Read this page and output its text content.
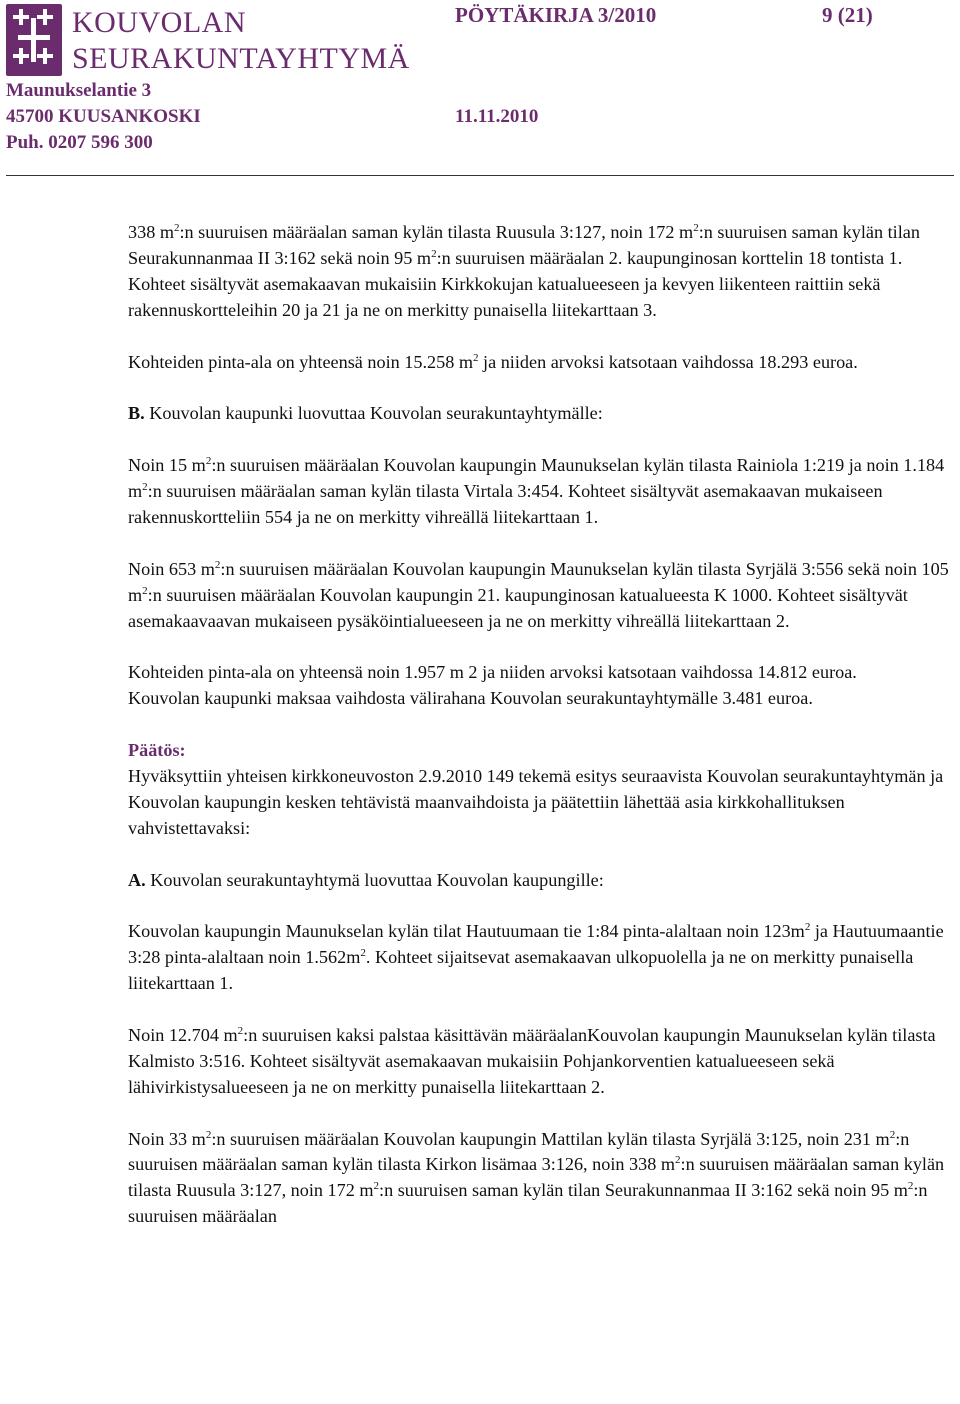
KOUVOLAN
SEURAKUNTAYHTYMÄ
PÖYTÄKIRJA 3/2010	9 (21)
Maunukselantie 3
45700 KUUSANKOSKI
Puh. 0207 596 300
11.11.2010

338 $m^2:n$ suuruisen määräalan saman kylän tilasta Ruusula 3:127, noin 172 $m^2:n$ suuruisen saman kylän tilan Seurakunnanmaa II 3:162 sekä noin 95 $m^2:n$ suuruisen määräalan 2. kaupunginosan korttelin 18 tontista 1. Kohteet sisältyvät asemakaavan mukaisiin Kirkkokujan katualueeseen ja kevyen liikenteen raittiin sekä rakennuskortteleihin 20 ja 21 ja ne on merkitty punaisella liitekarttaan 3.

Kohteiden pinta-ala on yhteensä noin 15.258 $m^2$ ja niiden arvoksi katsotaan vaihdossa 18.293 euroa.

B. Kouvolan kaupunki luovuttaa Kouvolan seurakuntayhtymälle:

Noin 15 $m^2:n$ suuruisen määräalan Kouvolan kaupungin Maunukselan kylän tilasta Rainiola 1:219 ja noin 1.184 $m^2:n$ suuruisen määräalan saman kylän tilasta Virtala 3:454. Kohteet sisältyvät asemakaavan mukaiseen rakennuskortteliin 554 ja ne on merkitty vihreällä liitekarttaan 1.

Noin 653 $m^2:n$ suuruisen määräalan Kouvolan kaupungin Maunukselan kylän tilasta Syrjälä 3:556 sekä noin 105 $m^2:n$ suuruisen määräalan Kouvolan kaupungin 21. kaupunginosan katualueesta K 1000. Kohteet sisältyvät asemakaavaavan mukaiseen pysäköintialueeseen ja ne on merkitty vihreällä liitekarttaan 2.

Kohteiden pinta-ala on yhteensä noin 1.957 m 2 ja niiden arvoksi katsotaan vaihdossa 14.812 euroa.

Kouvolan kaupunki maksaa vaihdosta välirahana Kouvolan seurakuntayhtymälle 3.481 euroa.

Päätös:
Hyväksyttiin yhteisen kirkkoneuvoston 2.9.2010 149 tekemä esitys seuraavista Kouvolan seurakuntayhtymän ja Kouvolan kaupungin kesken tehtävistä maanvaihdoista ja päätettiin lähettää asia kirkkohallituksen vahvistettavaksi:

A. Kouvolan seurakuntayhtymä luovuttaa Kouvolan kaupungille:

Kouvolan kaupungin Maunukselan kylän tilat Hautuumaan tie 1:84 pinta-alaltaan noin $123m^2$ ja Hautuumaantie 3:28 pinta-alaltaan noin $1.562m^2$. Kohteet sijaitsevat asemakaavan ulkopuolella ja ne on merkitty punaisella liitekarttaan 1.

Noin 12.704 $m^2:n$ suuruisen kaksi palstaa käsittävän määräalanKouvolan kaupungin Maunukselan kylän tilasta Kalmisto 3:516. Kohteet sisältyvät asemakaavan mukaisiin Pohjankorventien katualueeseen sekä lähivirkistysalueeseen ja ne on merkitty punaisella liitekarttaan 2.

Noin 33 $m^2:n$ suuruisen määräalan Kouvolan kaupungin Mattilan kylän tilasta Syrjälä 3:125, noin 231 $m^2:n$ suuruisen määräalan saman kylän tilasta Kirkon lisämaa 3:126, noin 338 $m^2:n$ suuruisen määräalan saman kylän tilasta Ruusula 3:127, noin 172 $m^2:n$ suuruisen saman kylän tilan Seurakunnanmaa II 3:162 sekä noin 95 $m^2:n$ suuruisen määräalan
